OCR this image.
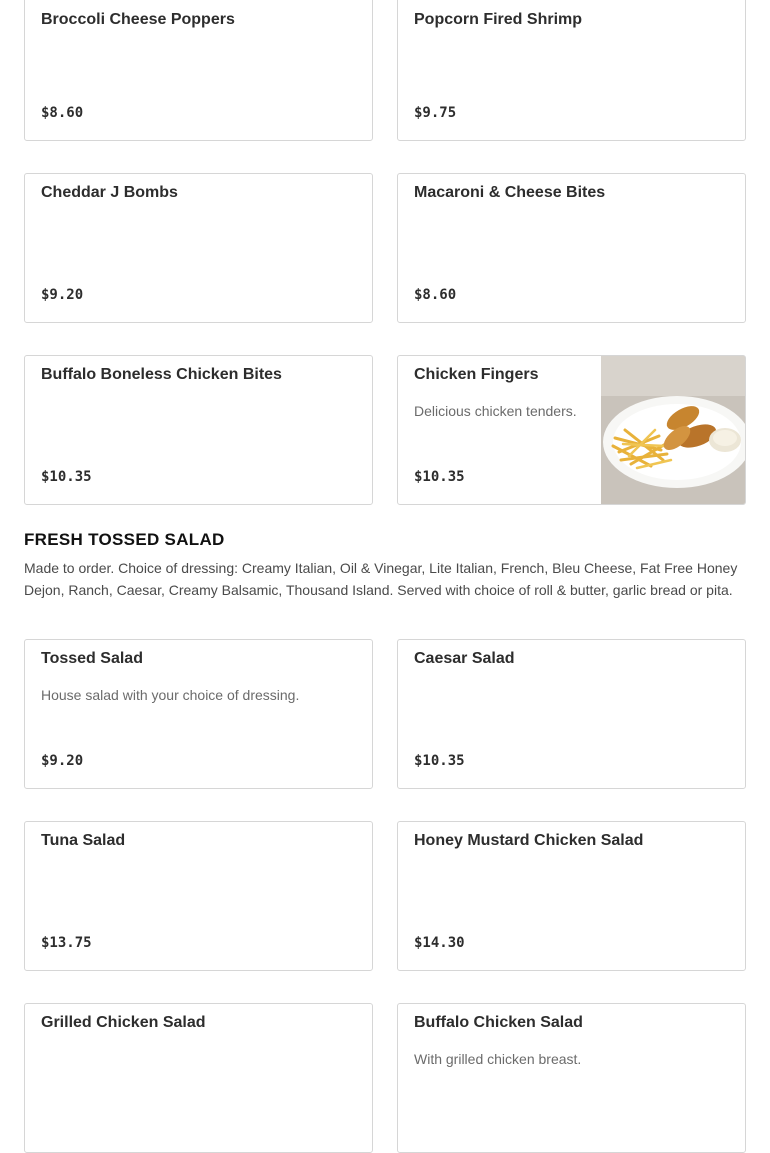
Broccoli Cheese Poppers
$8.60
Popcorn Fired Shrimp
$9.75
Cheddar J Bombs
$9.20
Macaroni & Cheese Bites
$8.60
Buffalo Boneless Chicken Bites
$10.35
Chicken Fingers
Delicious chicken tenders.
$10.35
FRESH TOSSED SALAD

Made to order. Choice of dressing: Creamy Italian, Oil & Vinegar, Lite Italian, French, Bleu Cheese, Fat Free Honey Dejon, Ranch, Caesar, Creamy Balsamic, Thousand Island. Served with choice of roll & butter, garlic bread or pita.

Tossed Salad
House salad with your choice of dressing.
$9.20
Caesar Salad
$10.35
Tuna Salad
$13.75
Honey Mustard Chicken Salad
$14.30
Grilled Chicken Salad	Buffalo Chicken Salad
With grilled chicken breast.
